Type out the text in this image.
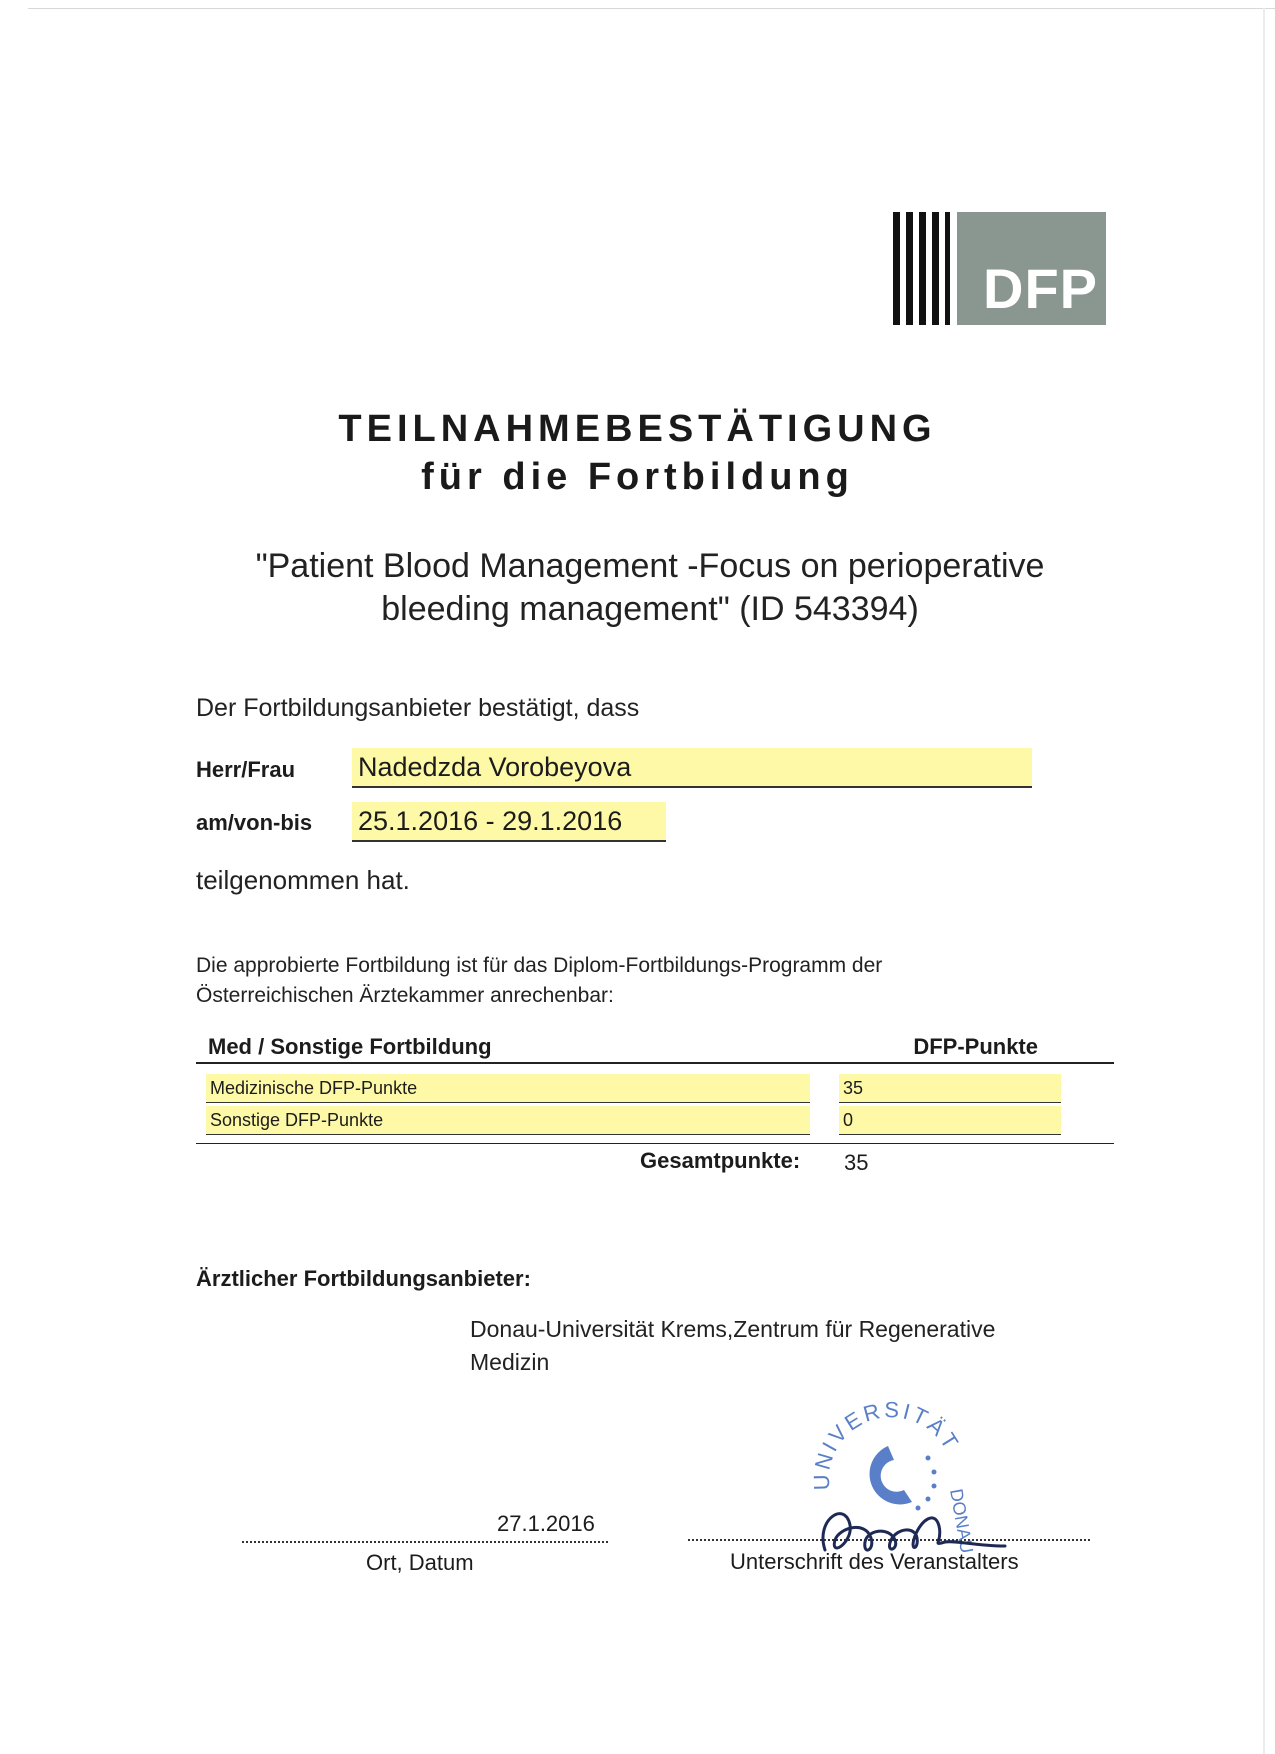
DFP
TEILNAHMEBESTÄTIGUNG
für die Fortbildung
"Patient Blood Management -Focus on perioperative
bleeding management" (ID 543394)
Der Fortbildungsanbieter bestätigt, dass
Herr/Frau Nadedzda Vorobeyova
am/von-bis 25.1.2016 - 29.1.2016
teilgenommen hat.
Die approbierte Fortbildung ist für das Diplom-Fortbildungs-Programm der
Österreichischen Ärztekammer anrechenbar:
Med / Sonstige Fortbildung	DFP-Punkte
Medizinische DFP-Punkte	35
Sonstige DFP-Punkte	0
Gesamtpunkte: 35
Ärztlicher Fortbildungsanbieter:
Donau-Universität Krems,Zentrum für Regenerative
Medizin
27.1.2016
Ort, Datum	Unterschrift des Veranstalters
UNIVERSITÄT
DONAU
